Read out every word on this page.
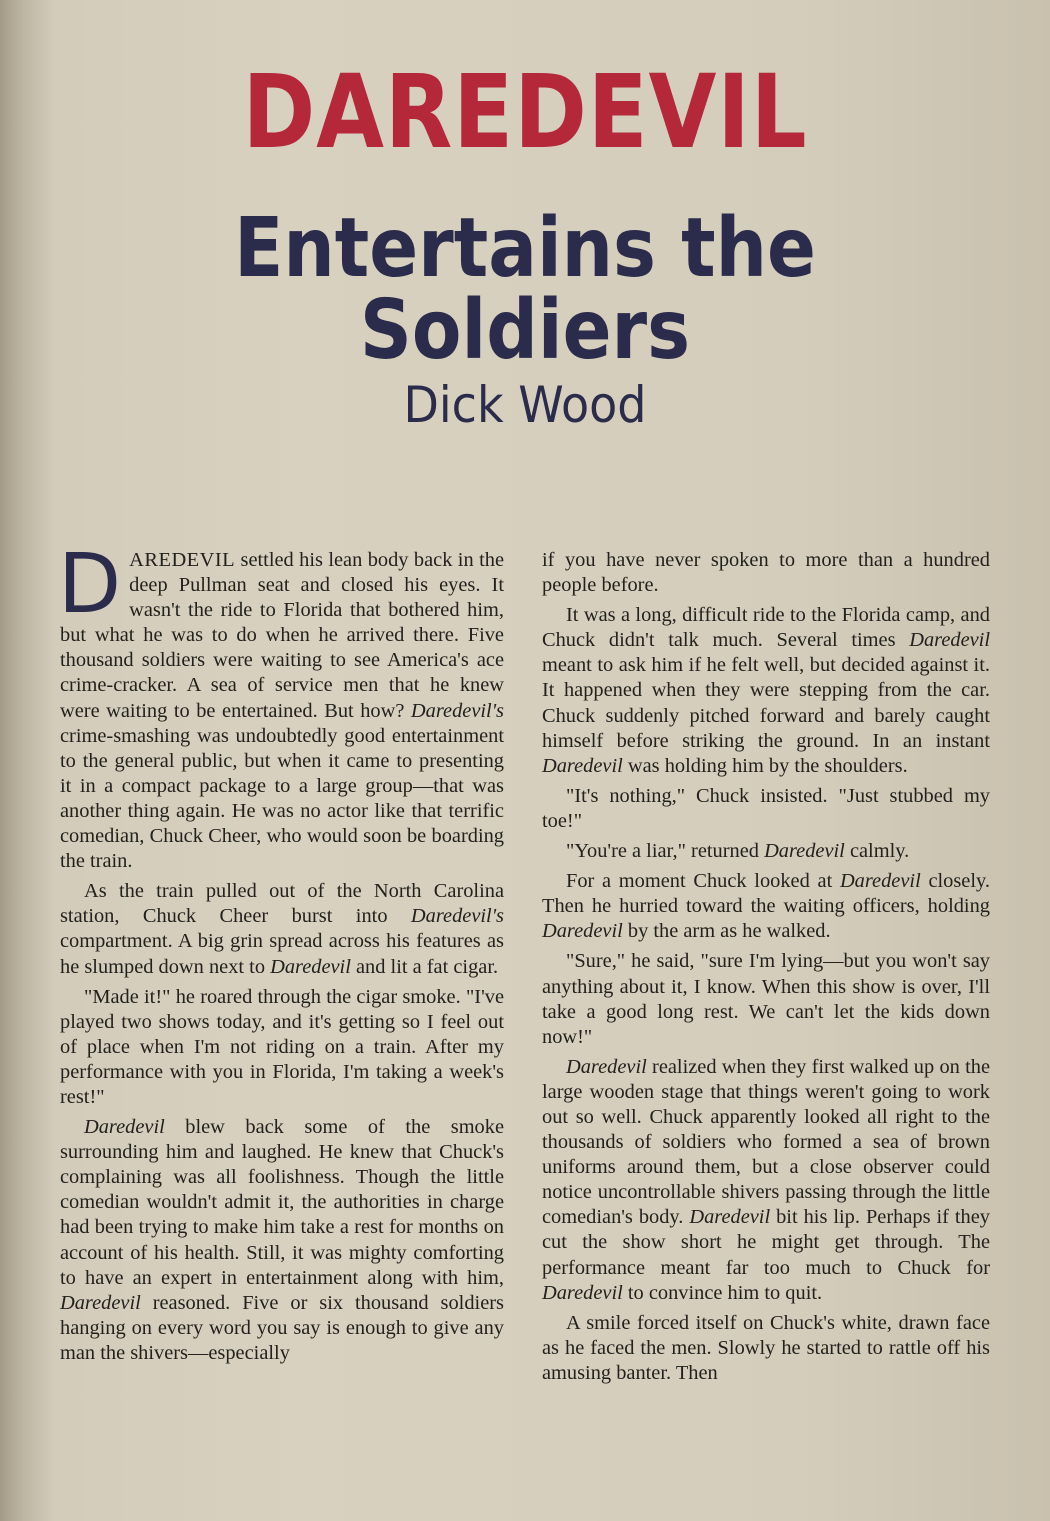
DAREDEVIL
Entertains the Soldiers
Dick Wood

DAREDEVIL settled his lean body back in the deep Pullman seat and closed his eyes. It wasn't the ride to Florida that bothered him, but what he was to do when he arrived there. Five thousand soldiers were waiting to see America's ace crime-cracker. A sea of service men that he knew were waiting to be entertained. But how? Daredevil's crime-smashing was undoubtedly good entertainment to the general public, but when it came to presenting it in a compact package to a large group—that was another thing again. He was no actor like that terrific comedian, Chuck Cheer, who would soon be boarding the train.

As the train pulled out of the North Carolina station, Chuck Cheer burst into Daredevil's compartment. A big grin spread across his features as he slumped down next to Daredevil and lit a fat cigar.

"Made it!" he roared through the cigar smoke. "I've played two shows today, and it's getting so I feel out of place when I'm not riding on a train. After my performance with you in Florida, I'm taking a week's rest!"

Daredevil blew back some of the smoke surrounding him and laughed. He knew that Chuck's complaining was all foolishness. Though the little comedian wouldn't admit it, the authorities in charge had been trying to make him take a rest for months on account of his health. Still, it was mighty comforting to have an expert in entertainment along with him, Daredevil reasoned. Five or six thousand soldiers hanging on every word you say is enough to give any man the shivers—especially

if you have never spoken to more than a hundred people before.

It was a long, difficult ride to the Florida camp, and Chuck didn't talk much. Several times Daredevil meant to ask him if he felt well, but decided against it. It happened when they were stepping from the car. Chuck suddenly pitched forward and barely caught himself before striking the ground. In an instant Daredevil was holding him by the shoulders.

"It's nothing," Chuck insisted. "Just stubbed my toe!"

"You're a liar," returned Daredevil calmly.

For a moment Chuck looked at Daredevil closely. Then he hurried toward the waiting officers, holding Daredevil by the arm as he walked.

"Sure," he said, "sure I'm lying—but you won't say anything about it, I know. When this show is over, I'll take a good long rest. We can't let the kids down now!"

Daredevil realized when they first walked up on the large wooden stage that things weren't going to work out so well. Chuck apparently looked all right to the thousands of soldiers who formed a sea of brown uniforms around them, but a close observer could notice uncontrollable shivers passing through the little comedian's body. Daredevil bit his lip. Perhaps if they cut the show short he might get through. The performance meant far too much to Chuck for Daredevil to convince him to quit.

A smile forced itself on Chuck's white, drawn face as he faced the men. Slowly he started to rattle off his amusing banter. Then
